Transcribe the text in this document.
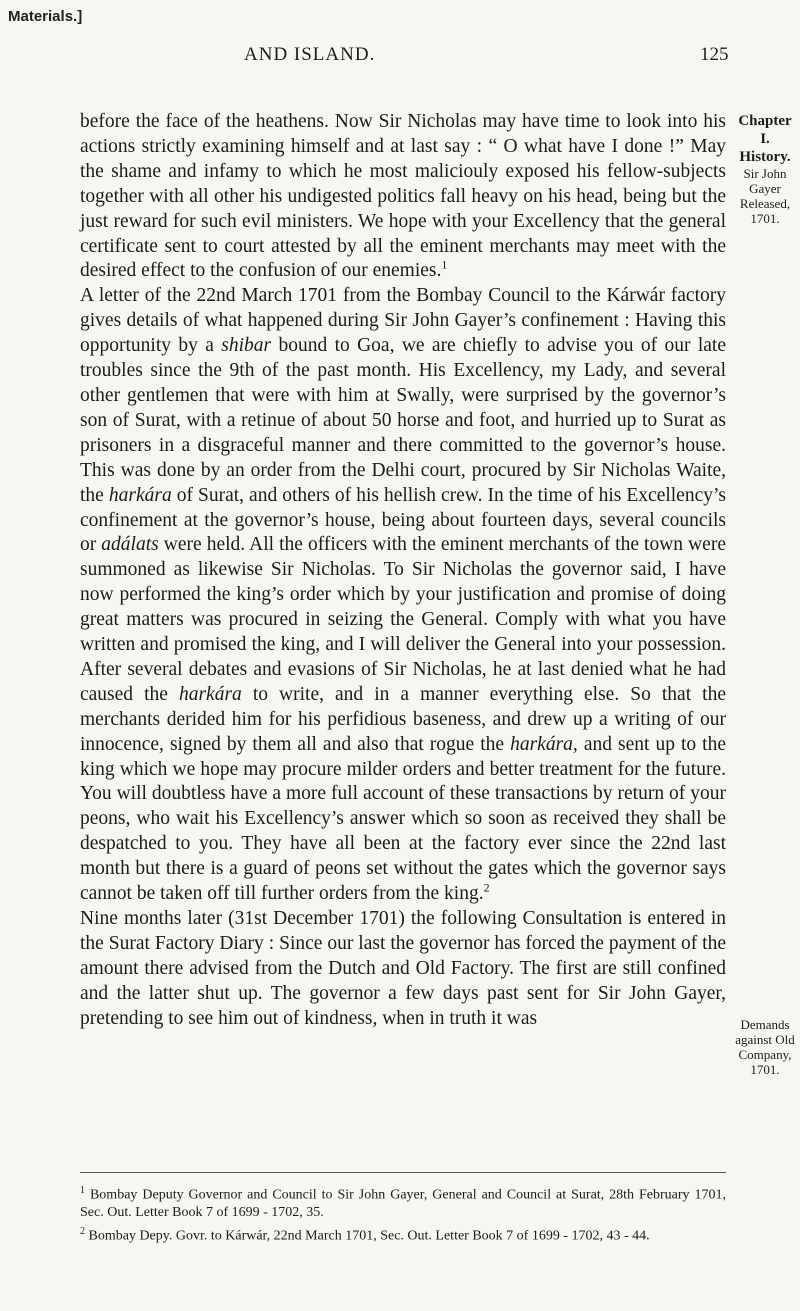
Materials.]
AND ISLAND.	125
Chapter I.
History.
Sir John Gayer Released, 1701.
Demands against Old Company, 1701.

before the face of the heathens. Now Sir Nicholas may have time to look into his actions strictly examining himself and at last say : “ O what have I done !” May the shame and infamy to which he most maliciouly exposed his fellow-subjects together with all other his undigested politics fall heavy on his head, being but the just reward for such evil ministers. We hope with your Excellency that the general certificate sent to court attested by all the eminent merchants may meet with the desired effect to the confusion of our enemies.$^1$

A letter of the 22nd March 1701 from the Bombay Council to the Kárwár factory gives details of what happened during Sir John Gayer’s confinement : Having this opportunity by a shibar bound to Goa, we are chiefly to advise you of our late troubles since the 9th of the past month. His Excellency, my Lady, and several other gentlemen that were with him at Swally, were surprised by the governor’s son of Surat, with a retinue of about 50 horse and foot, and hurried up to Surat as prisoners in a disgraceful manner and there committed to the governor’s house. This was done by an order from the Delhi court, procured by Sir Nicholas Waite, the harkára of Surat, and others of his hellish crew. In the time of his Excellency’s confinement at the governor’s house, being about fourteen days, several councils or adálats were held. All the officers with the eminent merchants of the town were summoned as likewise Sir Nicholas. To Sir Nicholas the governor said, I have now performed the king’s order which by your justification and promise of doing great matters was procured in seizing the General. Comply with what you have written and promised the king, and I will deliver the General into your possession. After several debates and evasions of Sir Nicholas, he at last denied what he had caused the harkára to write, and in a manner everything else. So that the merchants derided him for his perfidious baseness, and drew up a writing of our innocence, signed by them all and also that rogue the harkára, and sent up to the king which we hope may procure milder orders and better treatment for the future. You will doubtless have a more full account of these transactions by return of your peons, who wait his Excellency’s answer which so soon as received they shall be despatched to you. They have all been at the factory ever since the 22nd last month but there is a guard of peons set without the gates which the governor says cannot be taken off till further orders from the king.$^2$

Nine months later (31st December 1701) the following Consultation is entered in the Surat Factory Diary : Since our last the governor has forced the payment of the amount there advised from the Dutch and Old Factory. The first are still confined and the latter shut up. The governor a few days past sent for Sir John Gayer, pretending to see him out of kindness, when in truth it was

$^1$ Bombay Deputy Governor and Council to Sir John Gayer, General and Council at Surat, 28th February 1701, Sec. Out. Letter Book 7 of 1699 - 1702, 35.

$^2$ Bombay Depy. Govr. to Kárwár, 22nd March 1701, Sec. Out. Letter Book 7 of 1699 - 1702, 43 - 44.
